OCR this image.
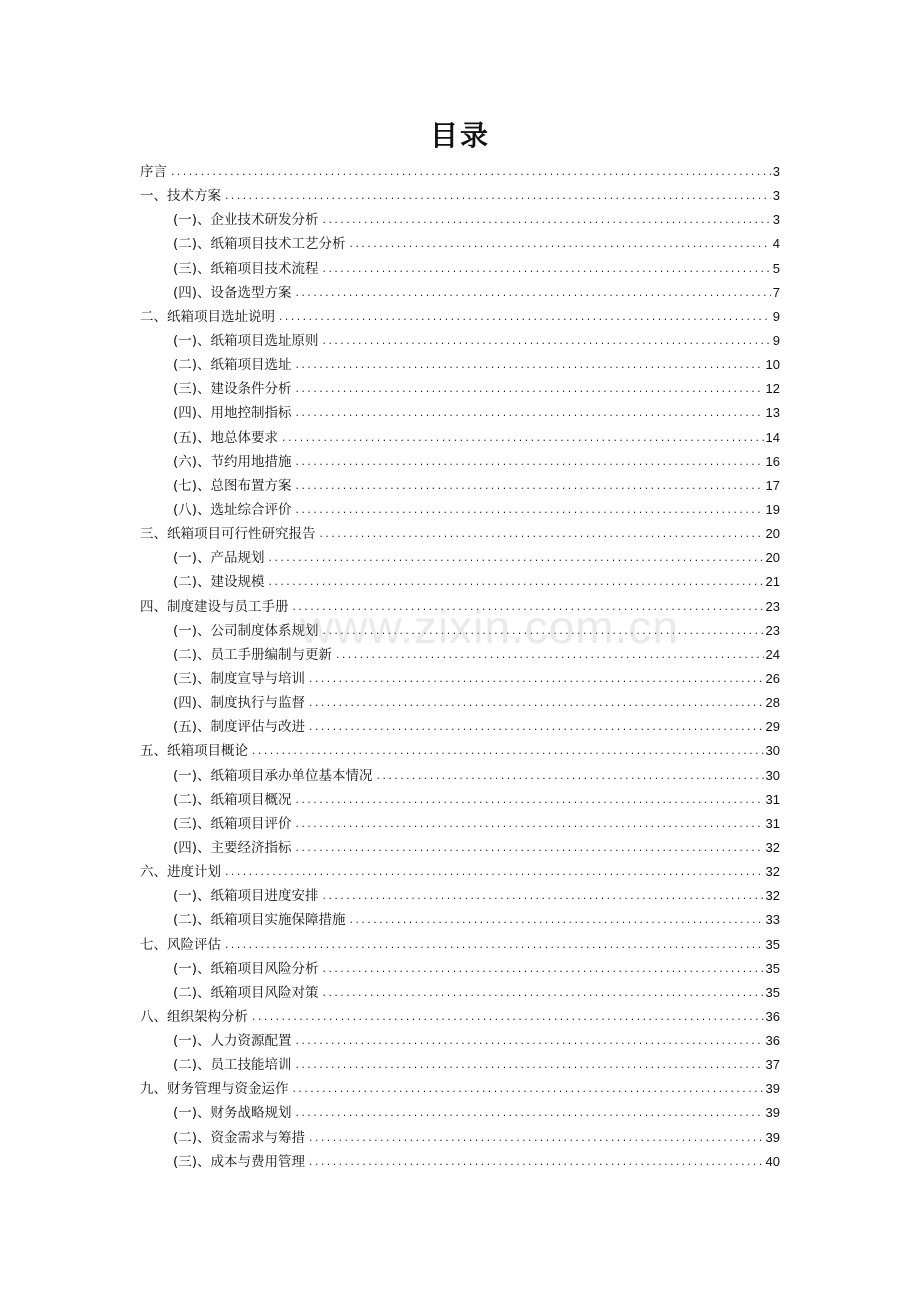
目录
序言 .....	3
一、技术方案 .....	3
(一)、企业技术研发分析 .....	3
(二)、纸箱项目技术工艺分析 .....	4
(三)、纸箱项目技术流程 .....	5
(四)、设备选型方案 .....	7
二、纸箱项目选址说明 .....	9
(一)、纸箱项目选址原则 .....	9
(二)、纸箱项目选址 .....	10
(三)、建设条件分析 .....	12
(四)、用地控制指标 .....	13
(五)、地总体要求 .....	14
(六)、节约用地措施 .....	16
(七)、总图布置方案 .....	17
(八)、选址综合评价 .....	19
三、纸箱项目可行性研究报告 .....	20
(一)、产品规划 .....	20
(二)、建设规模 .....	21
四、制度建设与员工手册 .....	23
(一)、公司制度体系规划 .....	23
(二)、员工手册编制与更新 .....	24
(三)、制度宣导与培训 .....	26
(四)、制度执行与监督 .....	28
(五)、制度评估与改进 .....	29
五、纸箱项目概论 .....	30
(一)、纸箱项目承办单位基本情况 .....	30
(二)、纸箱项目概况 .....	31
(三)、纸箱项目评价 .....	31
(四)、主要经济指标 .....	32
六、进度计划 .....	32
(一)、纸箱项目进度安排 .....	32
(二)、纸箱项目实施保障措施 .....	33
七、风险评估 .....	35
(一)、纸箱项目风险分析 .....	35
(二)、纸箱项目风险对策 .....	35
八、组织架构分析 .....	36
(一)、人力资源配置 .....	36
(二)、员工技能培训 .....	37
九、财务管理与资金运作 .....	39
(一)、财务战略规划 .....	39
(二)、资金需求与筹措 .....	39
(三)、成本与费用管理 .....	40
www.zixin.com.cn
